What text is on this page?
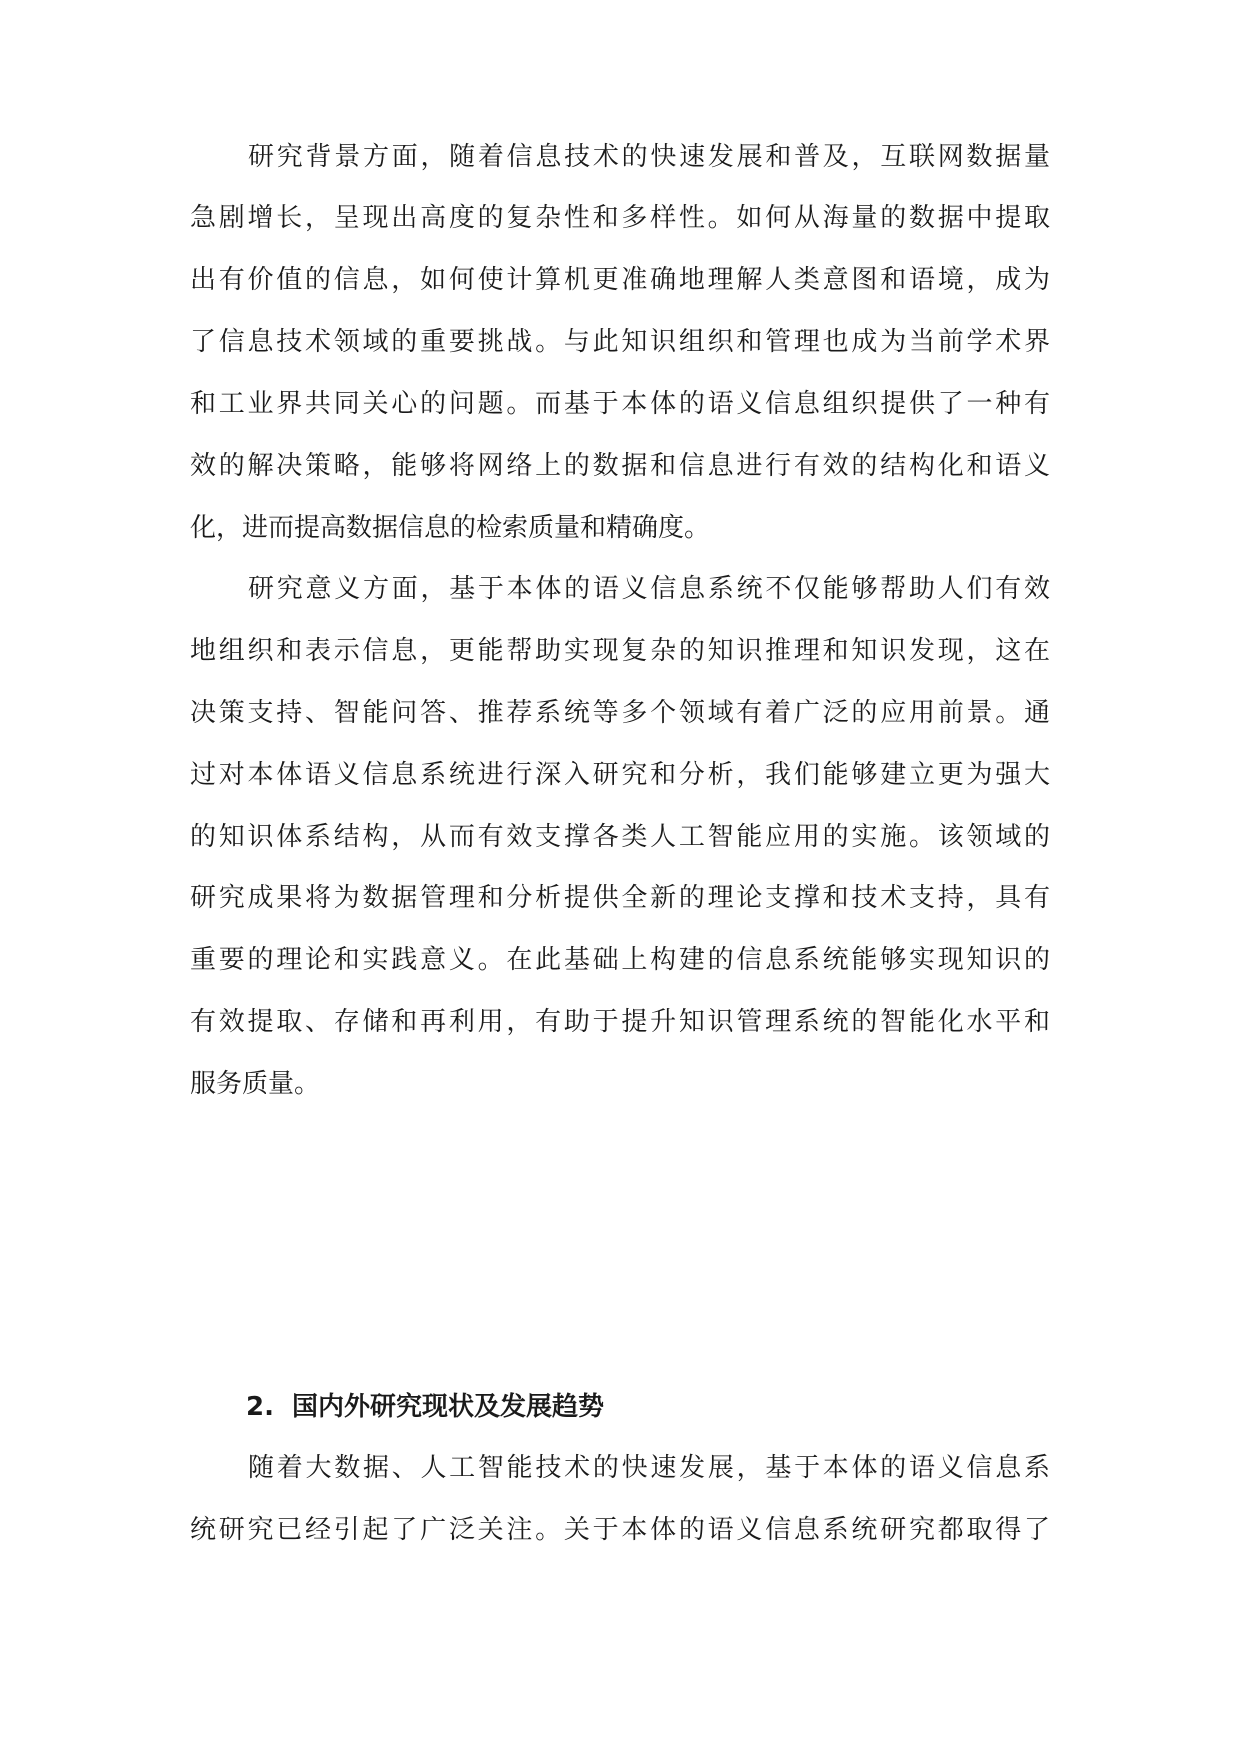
研究背景方面，随着信息技术的快速发展和普及，互联网数据量
急剧增长，呈现出高度的复杂性和多样性。如何从海量的数据中提取
出有价值的信息，如何使计算机更准确地理解人类意图和语境，成为
了信息技术领域的重要挑战。与此知识组织和管理也成为当前学术界
和工业界共同关心的问题。而基于本体的语义信息组织提供了一种有
效的解决策略，能够将网络上的数据和信息进行有效的结构化和语义
化，进而提高数据信息的检索质量和精确度。
研究意义方面，基于本体的语义信息系统不仅能够帮助人们有效
地组织和表示信息，更能帮助实现复杂的知识推理和知识发现，这在
决策支持、智能问答、推荐系统等多个领域有着广泛的应用前景。通
过对本体语义信息系统进行深入研究和分析，我们能够建立更为强大
的知识体系结构，从而有效支撑各类人工智能应用的实施。该领域的
研究成果将为数据管理和分析提供全新的理论支撑和技术支持，具有
重要的理论和实践意义。在此基础上构建的信息系统能够实现知识的
有效提取、存储和再利用，有助于提升知识管理系统的智能化水平和
服务质量。
2. 国内外研究现状及发展趋势
随着大数据、人工智能技术的快速发展，基于本体的语义信息系
统研究已经引起了广泛关注。关于本体的语义信息系统研究都取得了
